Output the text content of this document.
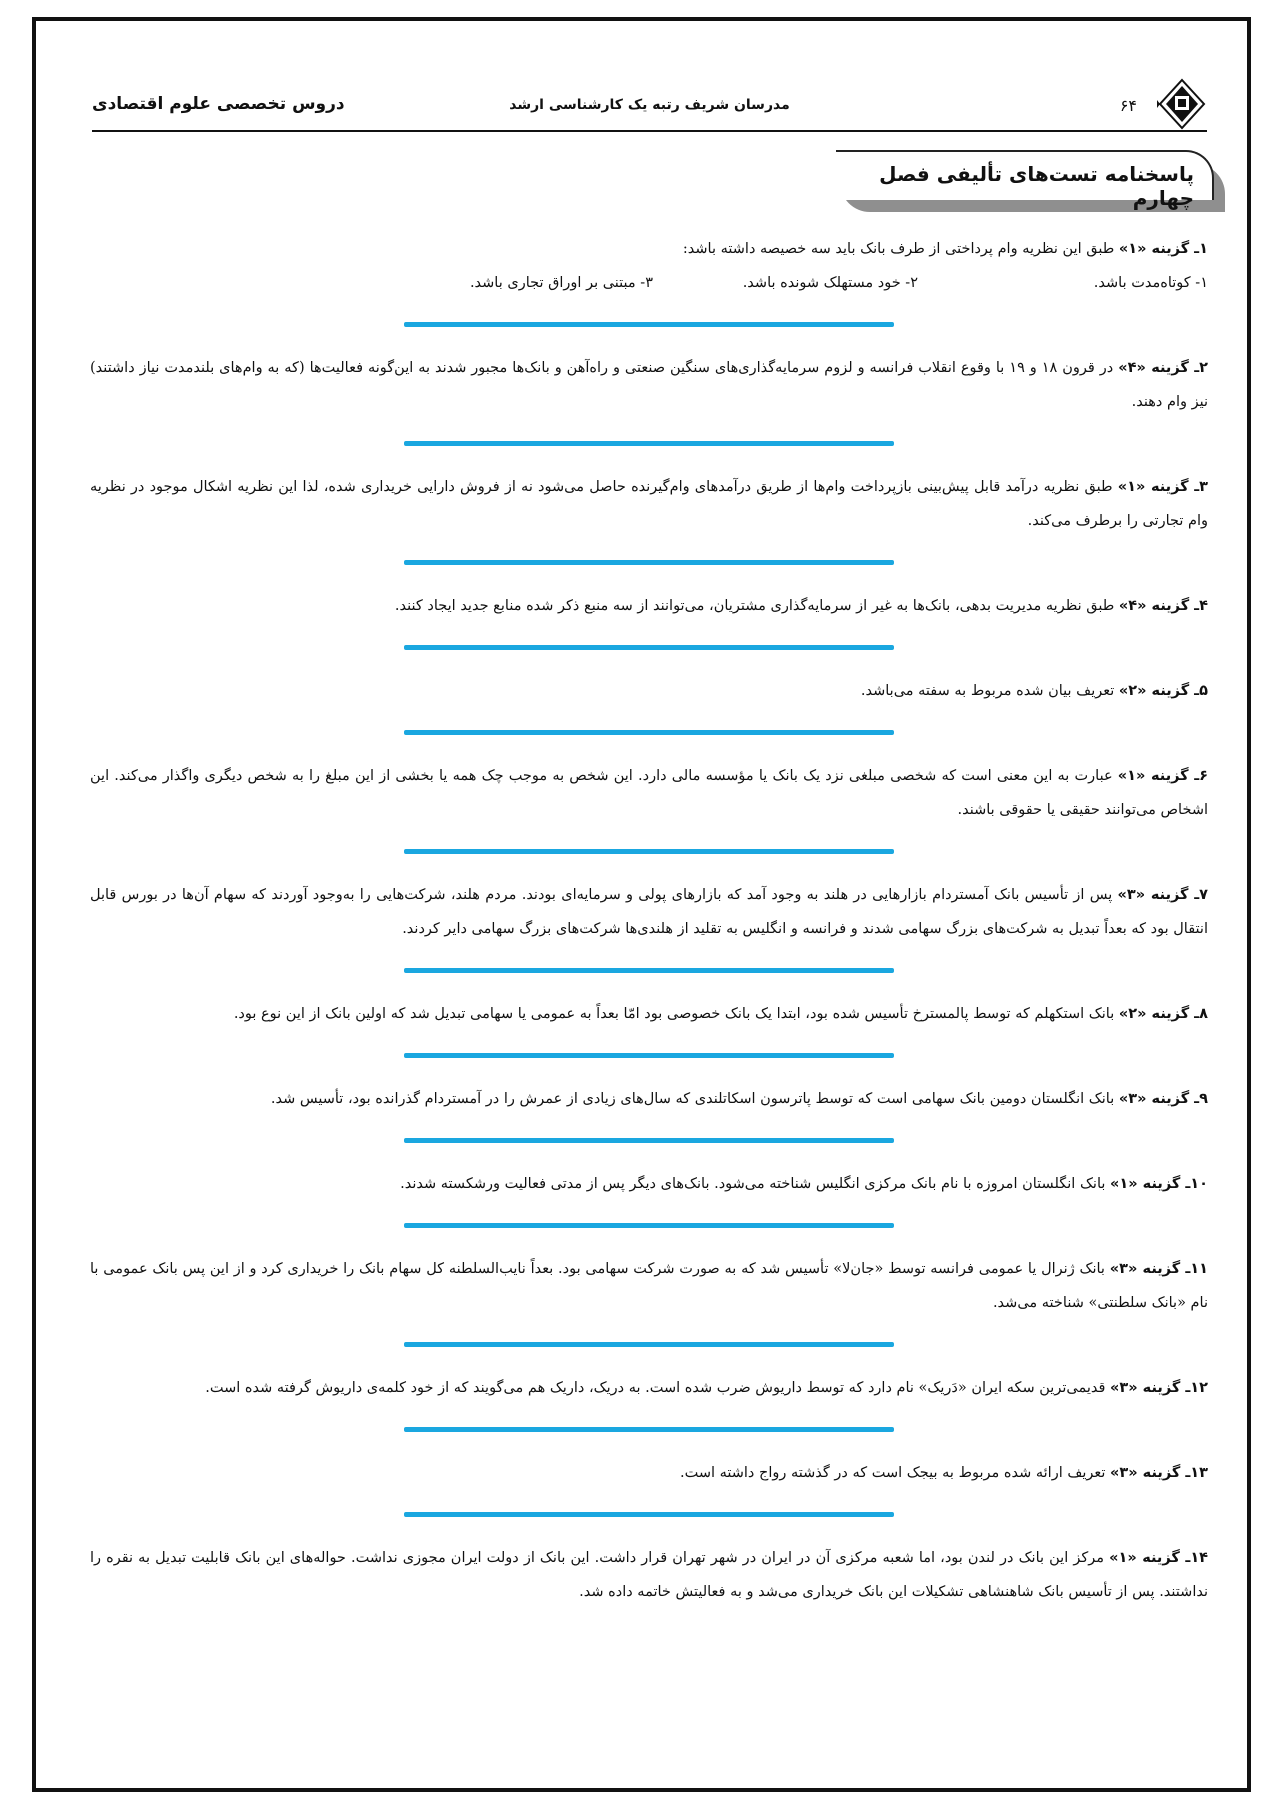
دروس تخصصی علوم اقتصادی	مدرسان شریف رتبه یک کارشناسی ارشد	۶۴
پاسخنامه تست‌های تألیفی فصل چهارم
۱ـ گزینه «۱» طبق این نظریه وام پرداختی از طرف بانک باید سه خصیصه داشته باشد:
۱- کوتاه‌مدت باشد.
۲- خود مستهلک شونده باشد.
۳- مبتنی بر اوراق تجاری باشد.
۲ـ گزینه «۴» در قرون ۱۸ و ۱۹ با وقوع انقلاب فرانسه و لزوم سرمایه‌گذاری‌های سنگین صنعتی و راه‌آهن و بانک‌ها مجبور شدند به این‌گونه فعالیت‌ها (که به وام‌های بلندمدت نیاز داشتند) نیز وام دهند.
۳ـ گزینه «۱» طبق نظریه درآمد قابل پیش‌بینی بازپرداخت وام‌ها از طریق درآمدهای وام‌گیرنده حاصل می‌شود نه از فروش دارایی خریداری شده، لذا این نظریه اشکال موجود در نظریه وام تجارتی را برطرف می‌کند.
۴ـ گزینه «۴» طبق نظریه مدیریت بدهی، بانک‌ها به غیر از سرمایه‌گذاری مشتریان، می‌توانند از سه منبع ذکر شده منابع جدید ایجاد کنند.
۵ـ گزینه «۲» تعریف بیان شده مربوط به سفته می‌باشد.
۶ـ گزینه «۱» عبارت به این معنی است که شخصی مبلغی نزد یک بانک یا مؤسسه مالی دارد. این شخص به موجب چک همه یا بخشی از این مبلغ را به شخص دیگری واگذار می‌کند. این اشخاص می‌توانند حقیقی یا حقوقی باشند.
۷ـ گزینه «۳» پس از تأسیس بانک آمستردام بازارهایی در هلند به وجود آمد که بازارهای پولی و سرمایه‌ای بودند. مردم هلند، شرکت‌هایی را به‌وجود آوردند که سهام آن‌ها در بورس قابل انتقال بود که بعداً تبدیل به شرکت‌های بزرگ سهامی شدند و فرانسه و انگلیس به تقلید از هلندی‌ها شرکت‌های بزرگ سهامی دایر کردند.
۸ـ گزینه «۲» بانک استکهلم که توسط پالمسترخ تأسیس شده بود، ابتدا یک بانک خصوصی بود امّا بعداً به عمومی یا سهامی تبدیل شد که اولین بانک از این نوع بود.
۹ـ گزینه «۳» بانک انگلستان دومین بانک سهامی است که توسط پاترسون اسکاتلندی که سال‌های زیادی از عمرش را در آمستردام گذرانده بود، تأسیس شد.
۱۰ـ گزینه «۱» بانک انگلستان امروزه با نام بانک مرکزی انگلیس شناخته می‌شود. بانک‌های دیگر پس از مدتی فعالیت ورشکسته شدند.
۱۱ـ گزینه «۳» بانک ژنرال یا عمومی فرانسه توسط «جان‌لا» تأسیس شد که به صورت شرکت سهامی بود. بعداً نایب‌السلطنه کل سهام بانک را خریداری کرد و از این پس بانک عمومی با نام «بانک سلطنتی» شناخته می‌شد.
۱۲ـ گزینه «۳» قدیمی‌ترین سکه ایران «دَریک» نام دارد که توسط داریوش ضرب شده است. به دریک، داریک هم می‌گویند که از خود کلمه‌ی داریوش گرفته شده است.
۱۳ـ گزینه «۳» تعریف ارائه شده مربوط به بیجک است که در گذشته رواج داشته است.
۱۴ـ گزینه «۱» مرکز این بانک در لندن بود، اما شعبه مرکزی آن در ایران در شهر تهران قرار داشت. این بانک از دولت ایران مجوزی نداشت. حواله‌های این بانک قابلیت تبدیل به نقره را نداشتند. پس از تأسیس بانک شاهنشاهی تشکیلات این بانک خریداری می‌شد و به فعالیتش خاتمه داده شد.
